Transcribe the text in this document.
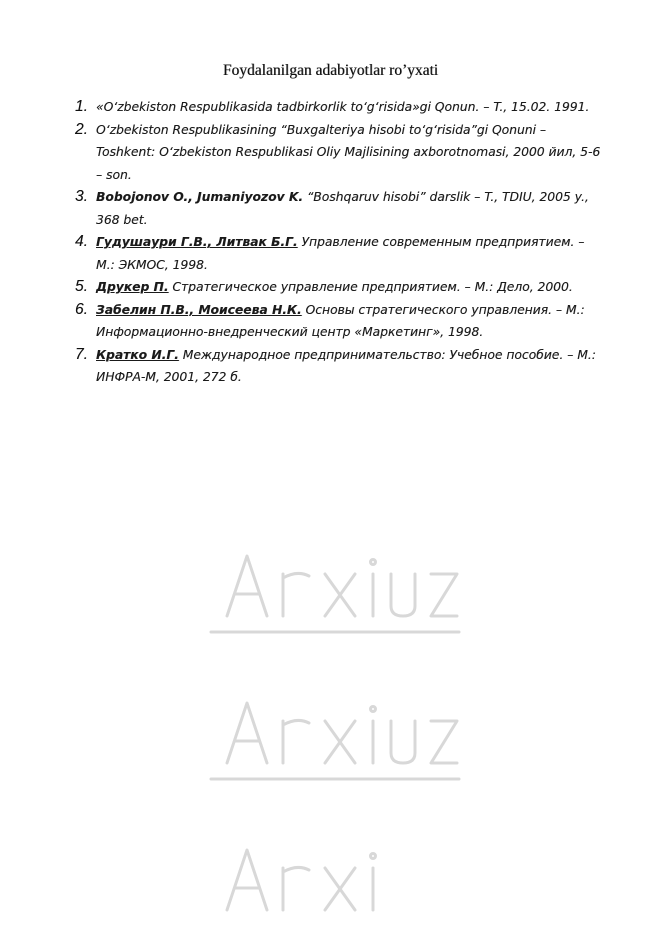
Foydalanilgan adabiyotlar ro’yxati
1. «O‘zbekiston Respublikasida tadbirkorlik to‘g‘risida»gi Qonun. – T., 15.02. 1991.
2. O‘zbekiston Respublikasining “Buxgalteriya hisobi to‘g‘risida”gi Qonuni – Toshkent: O‘zbekiston Respublikasi Oliy Majlisining axborotnomasi, 2000 йил, 5-6 – son.
3. Bobojonov O., Jumaniyozov K. “Boshqaruv hisobi” darslik – T., TDIU, 2005 y., 368 bet.
4. Гудушаури Г.В., Литвак Б.Г. Управление современным предприятием. – М.: ЭКМОС, 1998.
5. Друкер П. Стратегическое управление предприятием. – М.: Дело, 2000.
6. Забелин П.В., Моисеева Н.К. Основы стратегического управления. – М.: Информационно-внедренческий центр «Маркетинг», 1998.
7. Кратко И.Г. Международное предпринимательство: Учебное пособие. – М.: ИНФРА-М, 2001, 272 б.
